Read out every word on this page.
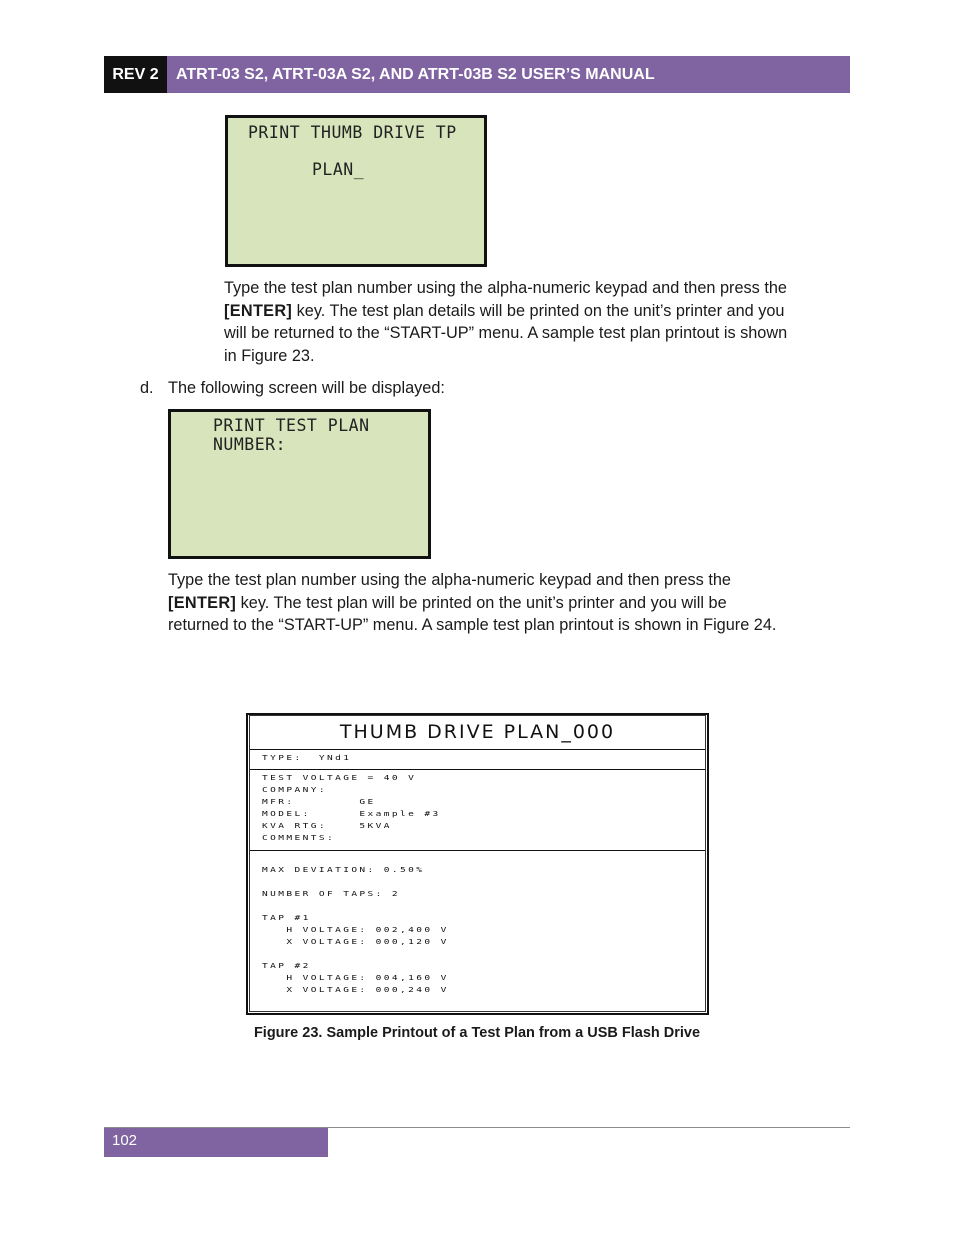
REV 2	ATRT-03 S2, ATRT-03A S2, AND ATRT-03B S2 USER’S MANUAL

PRINT THUMB DRIVE TP

PLAN_

Type the test plan number using the alpha-numeric keypad and then press the
[ENTER] key. The test plan details will be printed on the unit’s printer and you
will be returned to the “START-UP” menu. A sample test plan printout is shown
in Figure 23.
d. The following screen will be displayed:

PRINT TEST PLAN

NUMBER:

Type the test plan number using the alpha-numeric keypad and then press the
[ENTER] key. The test plan will be printed on the unit’s printer and you will be
returned to the “START-UP” menu. A sample test plan printout is shown in Figure 24.
THUMB DRIVE PLAN_000
TYPE:  YNd1
TEST VOLTAGE = 40 V
COMPANY:
MFR:        GE
MODEL:      Example #3
KVA RTG:    5KVA
COMMENTS:
MAX DEVIATION: 0.50%
NUMBER OF TAPS: 2
TAP #1
H VOLTAGE: 002,400 V
X VOLTAGE: 000,120 V
TAP #2
H VOLTAGE: 004,160 V
X VOLTAGE: 000,240 V
Figure 23. Sample Printout of a Test Plan from a USB Flash Drive
102
